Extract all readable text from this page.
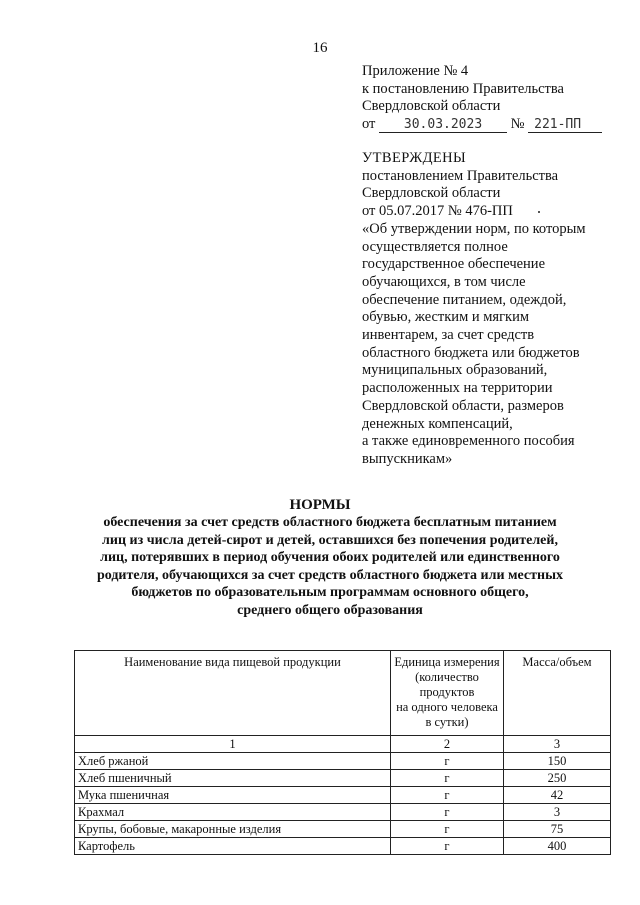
16
Приложение № 4
к постановлению Правительства
Свердловской области
от 30.03.2023 № 221-ПП
УТВЕРЖДЕНЫ
постановлением Правительства
Свердловской области
от 05.07.2017 № 476-ПП
«Об утверждении норм, по которым
осуществляется полное
государственное обеспечение
обучающихся, в том числе
обеспечение питанием, одеждой,
обувью, жестким и мягким
инвентарем, за счет средств
областного бюджета или бюджетов
муниципальных образований,
расположенных на территории
Свердловской области, размеров
денежных компенсаций,
а также единовременного пособия
выпускникам»
НОРМЫ
обеспечения за счет средств областного бюджета бесплатным питанием
лиц из числа детей-сирот и детей, оставшихся без попечения родителей,
лиц, потерявших в период обучения обоих родителей или единственного
родителя, обучающихся за счет средств областного бюджета или местных
бюджетов по образовательным программам основного общего,
среднего общего образования
Наименование вида пищевой продукции	Единица измерения
(количество
продуктов
на одного человека
в сутки)	Масса/объем
1	2	3
Хлеб ржаной	г	150
Хлеб пшеничный	г	250
Мука пшеничная	г	42
Крахмал	г	3
Крупы, бобовые, макаронные изделия	г	75
Картофель	г	400
